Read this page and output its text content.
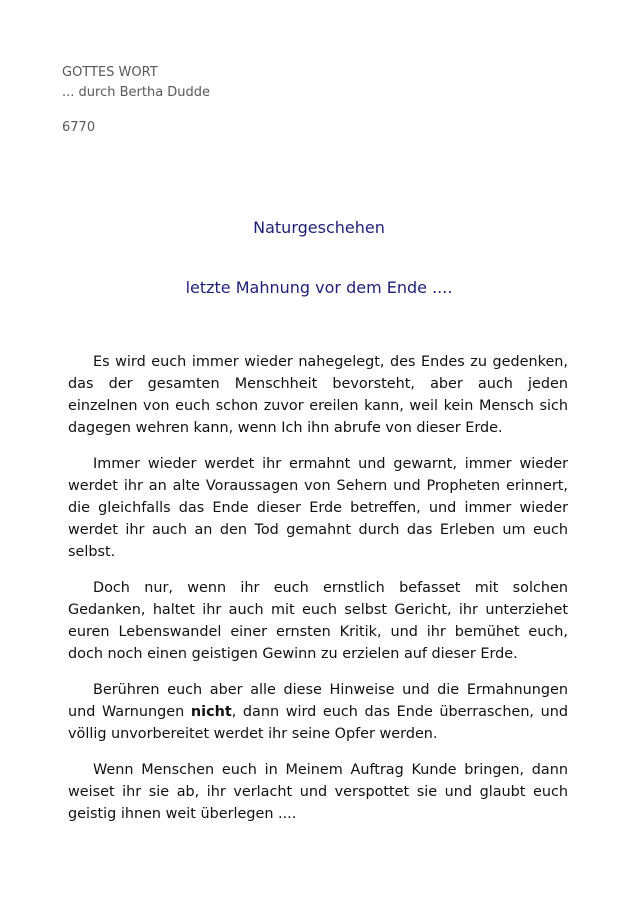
GOTTES WORT
... durch Bertha Dudde
6770
Naturgeschehen
letzte Mahnung vor dem Ende ....

Es wird euch immer wieder nahegelegt, des Endes zu gedenken, das der gesamten Menschheit bevorsteht, aber auch jeden einzelnen von euch schon zuvor ereilen kann, weil kein Mensch sich dagegen wehren kann, wenn Ich ihn abrufe von dieser Erde.

Immer wieder werdet ihr ermahnt und gewarnt, immer wieder werdet ihr an alte Voraussagen von Sehern und Propheten erinnert, die gleichfalls das Ende dieser Erde betreffen, und immer wieder werdet ihr auch an den Tod gemahnt durch das Erleben um euch selbst.

Doch nur, wenn ihr euch ernstlich befasset mit solchen Gedanken, haltet ihr auch mit euch selbst Gericht, ihr unterziehet euren Lebenswandel einer ernsten Kritik, und ihr bemühet euch, doch noch einen geistigen Gewinn zu erzielen auf dieser Erde.

Berühren euch aber alle diese Hinweise und die Ermahnungen und Warnungen nicht, dann wird euch das Ende überraschen, und völlig unvorbereitet werdet ihr seine Opfer werden.

Wenn Menschen euch in Meinem Auftrag Kunde bringen, dann weiset ihr sie ab, ihr verlacht und verspottet sie und glaubt euch geistig ihnen weit überlegen ....
